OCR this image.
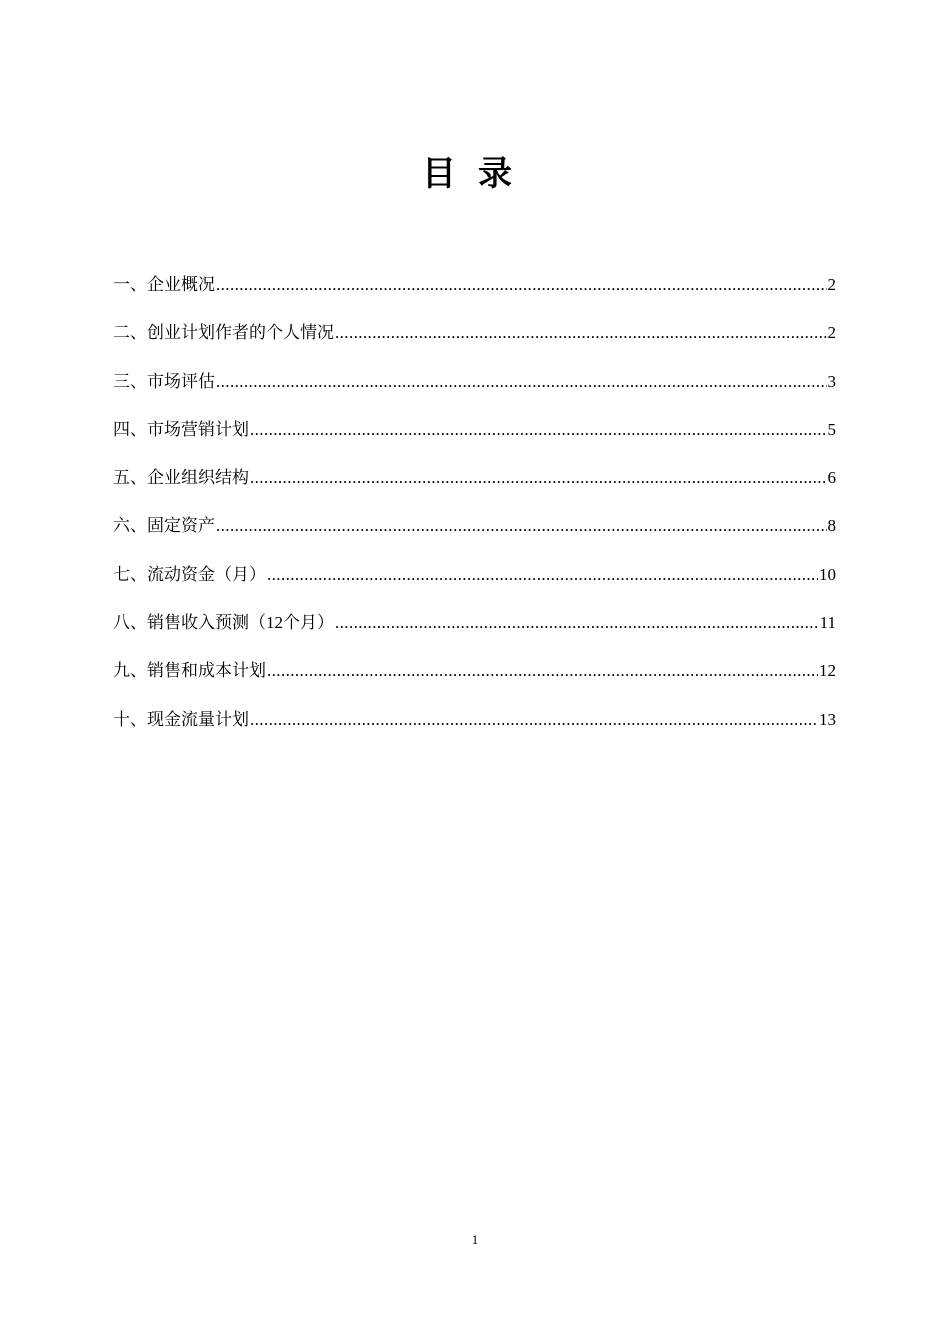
目录
一、企业概况 .....	2
二、创业计划作者的个人情况 .....	2
三、市场评估 .....	3
四、市场营销计划 .....	5
五、企业组织结构 .....	6
六、固定资产 .....	8
七、流动资金（月） .....	10
八、销售收入预测（12个月） .....	11
九、销售和成本计划 .....	12
十、现金流量计划 .....	13
1
